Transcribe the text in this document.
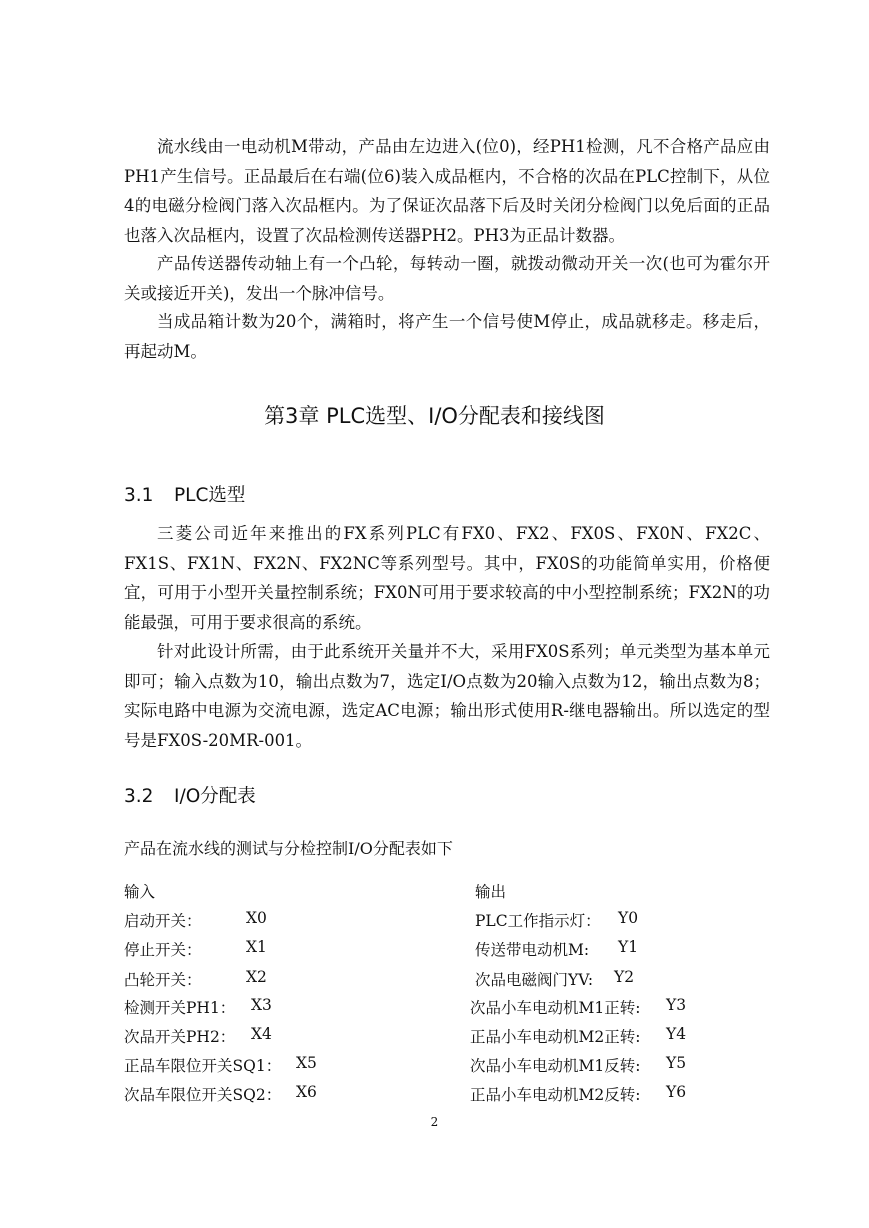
流水线由一电动机M带动，产品由左边进入(位0)，经PH1检测，凡不合格产品应由PH1产生信号。正品最后在右端(位6)装入成品框内，不合格的次品在PLC控制下，从位4的电磁分检阀门落入次品框内。为了保证次品落下后及时关闭分检阀门以免后面的正品也落入次品框内，设置了次品检测传送器PH2。PH3为正品计数器。

产品传送器传动轴上有一个凸轮，每转动一圈，就拨动微动开关一次(也可为霍尔开关或接近开关)，发出一个脉冲信号。

当成品箱计数为20个，满箱时，将产生一个信号使M停止，成品就移走。移走后，再起动M。

第3章 PLC选型、I/O分配表和接线图
3.1 PLC选型

三菱公司近年来推出的FX系列PLC有FX0、FX2、FX0S、FX0N、FX2C、FX1S、FX1N、FX2N、FX2NC等系列型号。其中，FX0S的功能简单实用，价格便宜，可用于小型开关量控制系统；FX0N可用于要求较高的中小型控制系统；FX2N的功能最强，可用于要求很高的系统。

针对此设计所需，由于此系统开关量并不大，采用FX0S系列；单元类型为基本单元即可；输入点数为10，输出点数为7，选定I/O点数为20输入点数为12，输出点数为8；实际电路中电源为交流电源，选定AC电源；输出形式使用R-继电器输出。所以选定的型号是FX0S-20MR-001。

3.2 I/O分配表

产品在流水线的测试与分检控制I/O分配表如下

输入	输出
启动开关：	X0	PLC工作指示灯： Y0
停止开关：	X1	传送带电动机M: Y1
凸轮开关：	X2	次品电磁阀门YV: Y2
检测开关PH1： X3	次品小车电动机M1正转: Y3
次品开关PH2： X4	正品小车电动机M2正转: Y4
正品车限位开关SQ1： X5	次品小车电动机M1反转: Y5
次品车限位开关SQ2： X6	正品小车电动机M2反转: Y6
2
